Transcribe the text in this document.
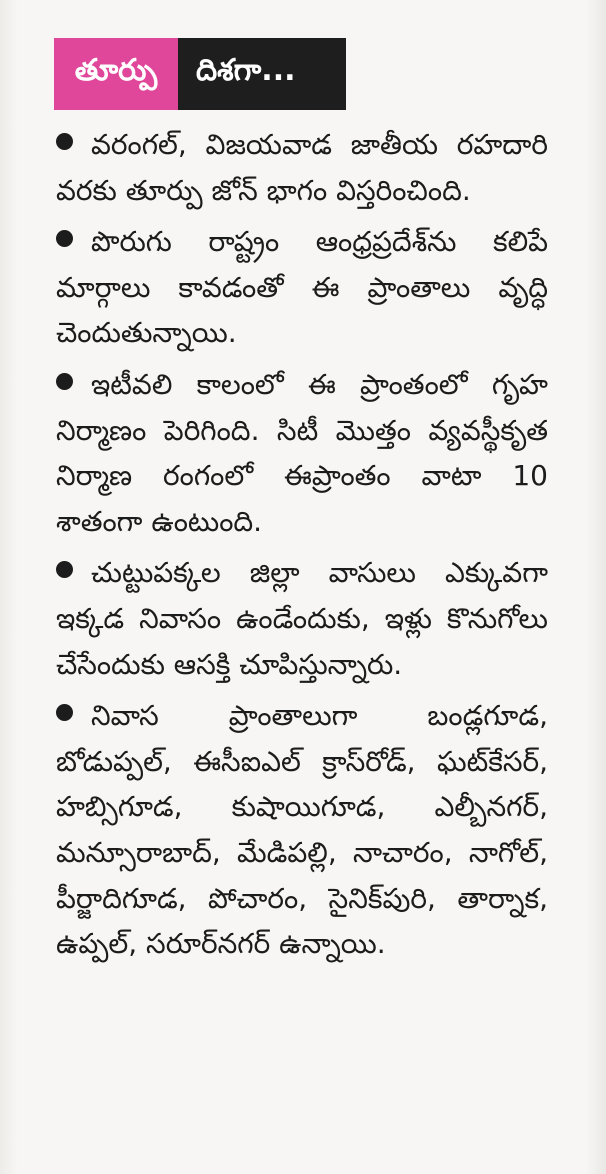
తూర్పు	దిశగా...

వరంగల్, విజయవాడ జాతీయ రహదారి వరకు తూర్పు జోన్ భాగం విస్తరించింది.

పొరుగు రాష్ట్రం ఆంధ్రప్రదేశ్‌ను కలిపే మార్గాలు కావడంతో ఈ ప్రాంతాలు వృద్ధి చెందుతున్నాయి.

ఇటీవలి కాలంలో ఈ ప్రాంతంలో గృహ నిర్మాణం పెరిగింది. సిటీ మొత్తం వ్యవస్థీకృత నిర్మాణ రంగంలో ఈప్రాంతం వాటా 10 శాతంగా ఉంటుంది.

చుట్టుపక్కల జిల్లా వాసులు ఎక్కువగా ఇక్కడ నివాసం ఉండేందుకు, ఇళ్లు కొనుగోలు చేసేందుకు ఆసక్తి చూపిస్తున్నారు.

నివాస ప్రాంతాలుగా బండ్లగూడ, బోడుప్పల్, ఈసీఐఎల్ క్రాస్‌రోడ్, ఘట్‌కేసర్, హబ్సిగూడ, కుషాయిగూడ, ఎల్బీనగర్, మన్సూరాబాద్, మేడిపల్లి, నాచారం, నాగోల్, పీర్జాదిగూడ, పోచారం, సైనిక్‌పురి, తార్నాక, ఉప్పల్, సరూర్‌నగర్ ఉన్నాయి.
